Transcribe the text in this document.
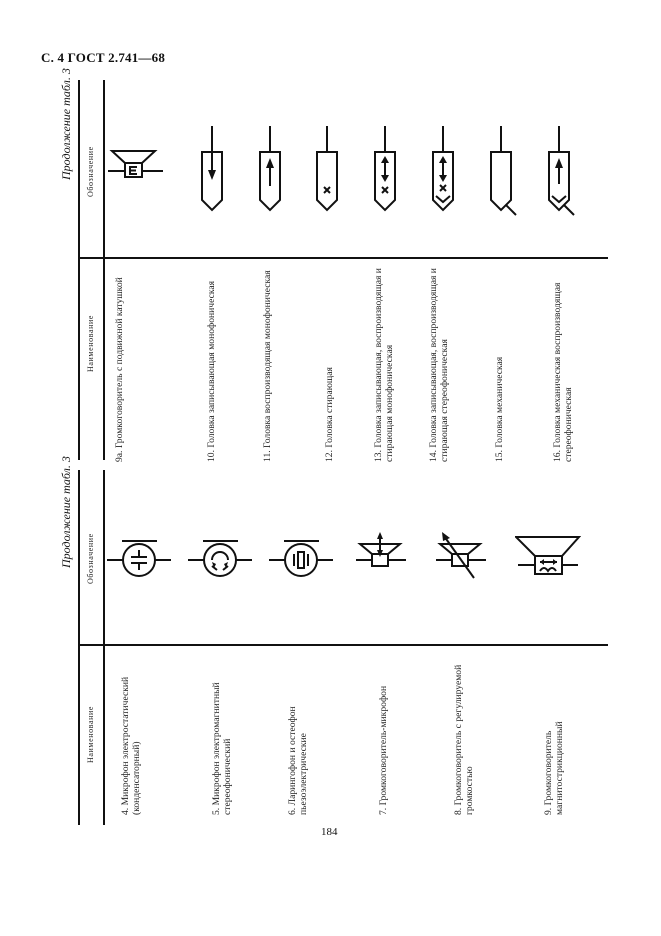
С. 4 ГОСТ 2.741—68
Продолжение табл. 3 Обозначение
Наименование 9а. Громкоговоритель с подвижной катушкой	10. Головка записывающая монофоническая	11. Головка воспроизводящая монофоническая	12. Головка стирающая	13. Головка записывающая, воспроизводящая и стирающая монофоническая	14. Головка записывающая, воспроизводящая и стирающая стереофоническая	15. Головка механическая	16. Головка механическая воспроизводящая стереофоническая
Продолжение табл. 3 Обозначение
Наименование	4. Микрофон электростатический (конденсаторный)	5. Микрофон электромагнитный стереофонический	6. Ларингофон и остеофон пьезоэлектрические	7. Громкоговоритель-микрофон	8. Громкоговоритель с регулируемой громкостью	9. Громкоговоритель магнитострикционный
184
